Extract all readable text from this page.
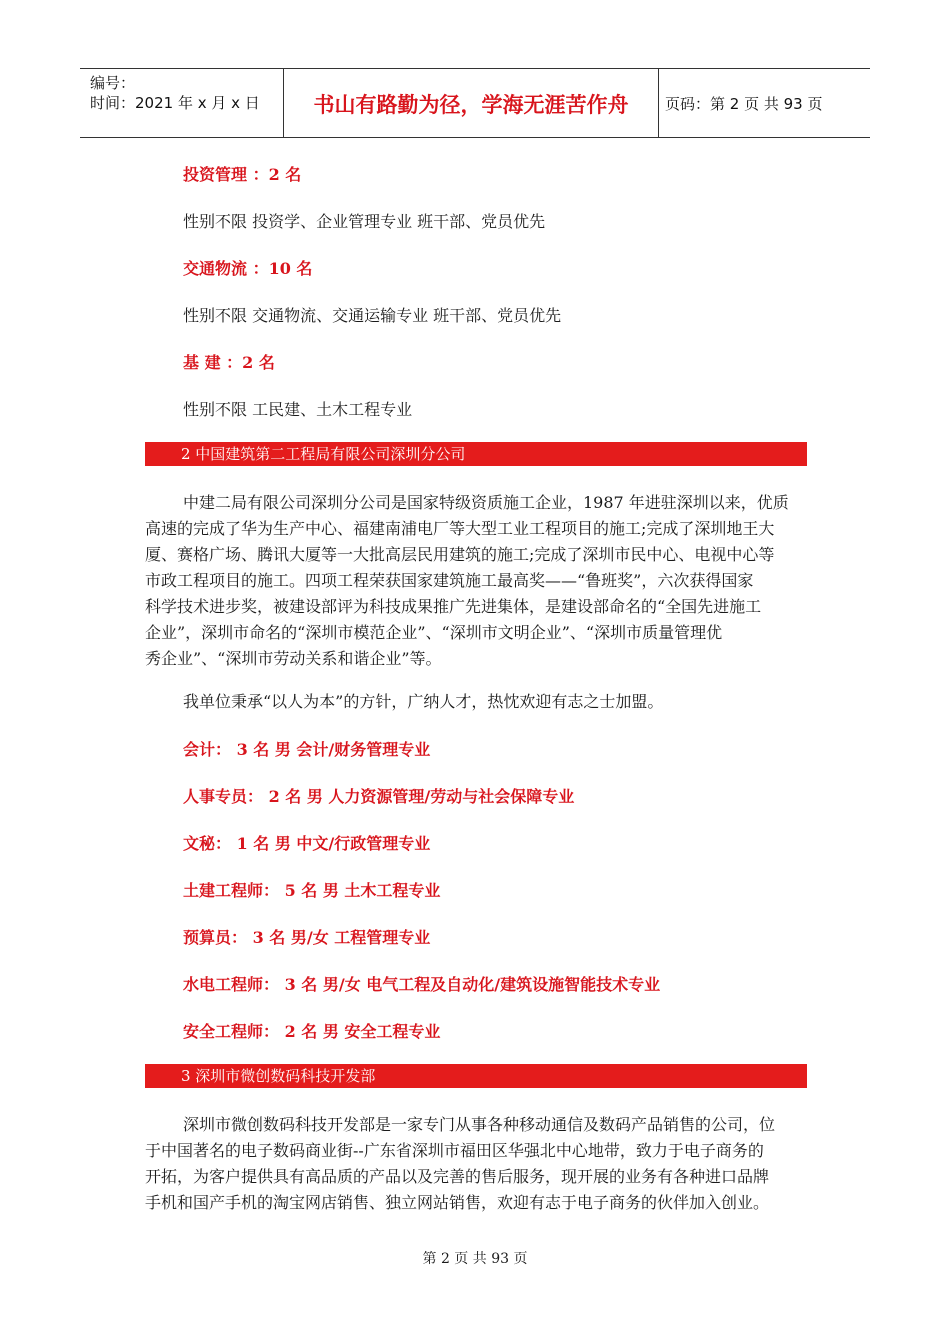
编号：
时间：2021 年 x 月 x 日	书山有路勤为径，学海无涯苦作舟	页码：第 2 页 共 93 页
投资管理 ：2 名
性别不限 投资学、企业管理专业 班干部、党员优先
交通物流 ：10 名
性别不限 交通物流、交通运输专业 班干部、党员优先
基 建 ：2 名
性别不限 工民建、土木工程专业
2 中国建筑第二工程局有限公司深圳分公司

中建二局有限公司深圳分公司是国家特级资质施工企业，1987 年进驻深圳以来，优质

高速的完成了华为生产中心、福建南浦电厂等大型工业工程项目的施工;完成了深圳地王大

厦、赛格广场、腾讯大厦等一大批高层民用建筑的施工;完成了深圳市民中心、电视中心等

市政工程项目的施工。四项工程荣获国家建筑施工最高奖——“鲁班奖”，六次获得国家

科学技术进步奖，被建设部评为科技成果推广先进集体，是建设部命名的“全国先进施工

企业”，深圳市命名的“深圳市模范企业”、“深圳市文明企业”、“深圳市质量管理优

秀企业”、“深圳市劳动关系和谐企业”等。

我单位秉承“以人为本”的方针，广纳人才，热忱欢迎有志之士加盟。

会计： 3 名 男 会计/财务管理专业
人事专员： 2 名 男 人力资源管理/劳动与社会保障专业
文秘： 1 名 男 中文/行政管理专业
土建工程师： 5 名 男 土木工程专业
预算员： 3 名 男/女 工程管理专业
水电工程师： 3 名 男/女 电气工程及自动化/建筑设施智能技术专业
安全工程师： 2 名 男 安全工程专业
3 深圳市微创数码科技开发部

深圳市微创数码科技开发部是一家专门从事各种移动通信及数码产品销售的公司，位

于中国著名的电子数码商业街--广东省深圳市福田区华强北中心地带，致力于电子商务的

开拓，为客户提供具有高品质的产品以及完善的售后服务，现开展的业务有各种进口品牌

手机和国产手机的淘宝网店销售、独立网站销售，欢迎有志于电子商务的伙伴加入创业。

第 2 页 共 93 页
